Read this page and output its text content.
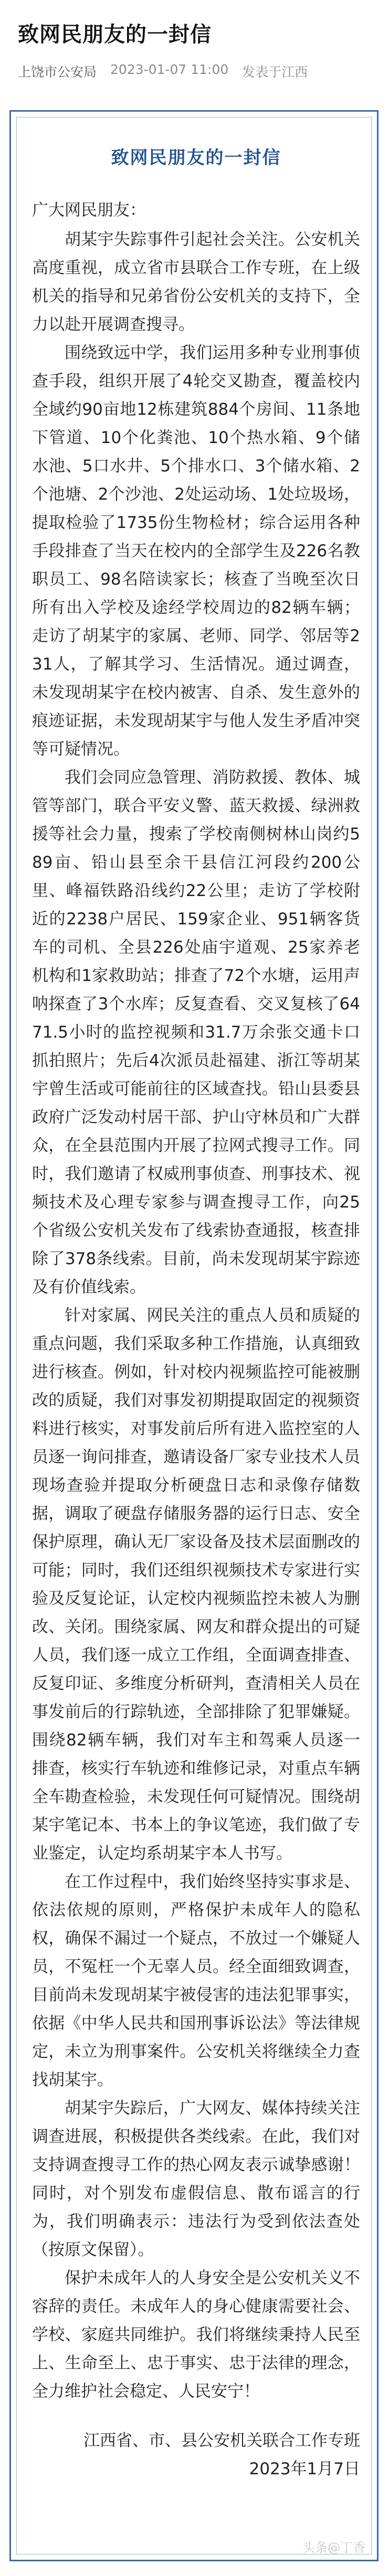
致网民朋友的一封信
上饶市公安局 2023-01-07 11:00 发表于江西
致网民朋友的一封信

广大网民朋友：

胡某宇失踪事件引起社会关注。公安机关高度重视，成立省市县联合工作专班，在上级机关的指导和兄弟省份公安机关的支持下，全力以赴开展调查搜寻。

围绕致远中学，我们运用多种专业刑事侦查手段，组织开展了4轮交叉勘查，覆盖校内全域约90亩地12栋建筑884个房间、11条地下管道、10个化粪池、10个热水箱、9个储水池、5口水井、5个排水口、3个储水箱、2个池塘、2个沙池、2处运动场、1处垃圾场，提取检验了1735份生物检材；综合运用各种手段排查了当天在校内的全部学生及226名教职员工、98名陪读家长；核查了当晚至次日所有出入学校及途经学校周边的82辆车辆；走访了胡某宇的家属、老师、同学、邻居等231人，了解其学习、生活情况。通过调查，未发现胡某宇在校内被害、自杀、发生意外的痕迹证据，未发现胡某宇与他人发生矛盾冲突等可疑情况。

我们会同应急管理、消防救援、教体、城管等部门，联合平安义警、蓝天救援、绿洲救援等社会力量，搜索了学校南侧树林山岗约589亩、铅山县至余干县信江河段约200公里、峰福铁路沿线约22公里；走访了学校附近的2238户居民、159家企业、951辆客货车的司机、全县226处庙宇道观、25家养老机构和1家救助站；排查了72个水塘，运用声呐探查了3个水库；反复查看、交叉复核了6471.5小时的监控视频和31.7万余张交通卡口抓拍照片；先后4次派员赴福建、浙江等胡某宇曾生活或可能前往的区域查找。铅山县委县政府广泛发动村居干部、护山守林员和广大群众，在全县范围内开展了拉网式搜寻工作。同时，我们邀请了权威刑事侦查、刑事技术、视频技术及心理专家参与调查搜寻工作，向25个省级公安机关发布了线索协查通报，核查排除了378条线索。目前，尚未发现胡某宇踪迹及有价值线索。

针对家属、网民关注的重点人员和质疑的重点问题，我们采取多种工作措施，认真细致进行核查。例如，针对校内视频监控可能被删改的质疑，我们对事发初期提取固定的视频资料进行核实，对事发前后所有进入监控室的人员逐一询问排查，邀请设备厂家专业技术人员现场查验并提取分析硬盘日志和录像存储数据，调取了硬盘存储服务器的运行日志、安全保护原理，确认无厂家设备及技术层面删改的可能；同时，我们还组织视频技术专家进行实验及反复论证，认定校内视频监控未被人为删改、关闭。围绕家属、网友和群众提出的可疑人员，我们逐一成立工作组，全面调查排查、反复印证、多维度分析研判，查清相关人员在事发前后的行踪轨迹，全部排除了犯罪嫌疑。围绕82辆车辆，我们对车主和驾乘人员逐一排查，核实行车轨迹和维修记录，对重点车辆全车勘查检验，未发现任何可疑情况。围绕胡某宇笔记本、书本上的争议笔迹，我们做了专业鉴定，认定均系胡某宇本人书写。

在工作过程中，我们始终坚持实事求是、依法依规的原则，严格保护未成年人的隐私权，确保不漏过一个疑点，不放过一个嫌疑人员，不冤枉一个无辜人员。经全面细致调查，目前尚未发现胡某宇被侵害的违法犯罪事实，依据《中华人民共和国刑事诉讼法》等法律规定，未立为刑事案件。公安机关将继续全力查找胡某宇。

胡某宇失踪后，广大网友、媒体持续关注调查进展，积极提供各类线索。在此，我们对支持调查搜寻工作的热心网友表示诚挚感谢！同时，对个别发布虚假信息、散布谣言的行为，我们明确表示：违法行为受到依法查处（按原文保留）。

保护未成年人的人身安全是公安机关义不容辞的责任。未成年人的身心健康需要社会、学校、家庭共同维护。我们将继续秉持人民至上、生命至上、忠于事实、忠于法律的理念，全力维护社会稳定、人民安宁！

江西省、市、县公安机关联合工作专班

2023年1月7日

头条@丁香
